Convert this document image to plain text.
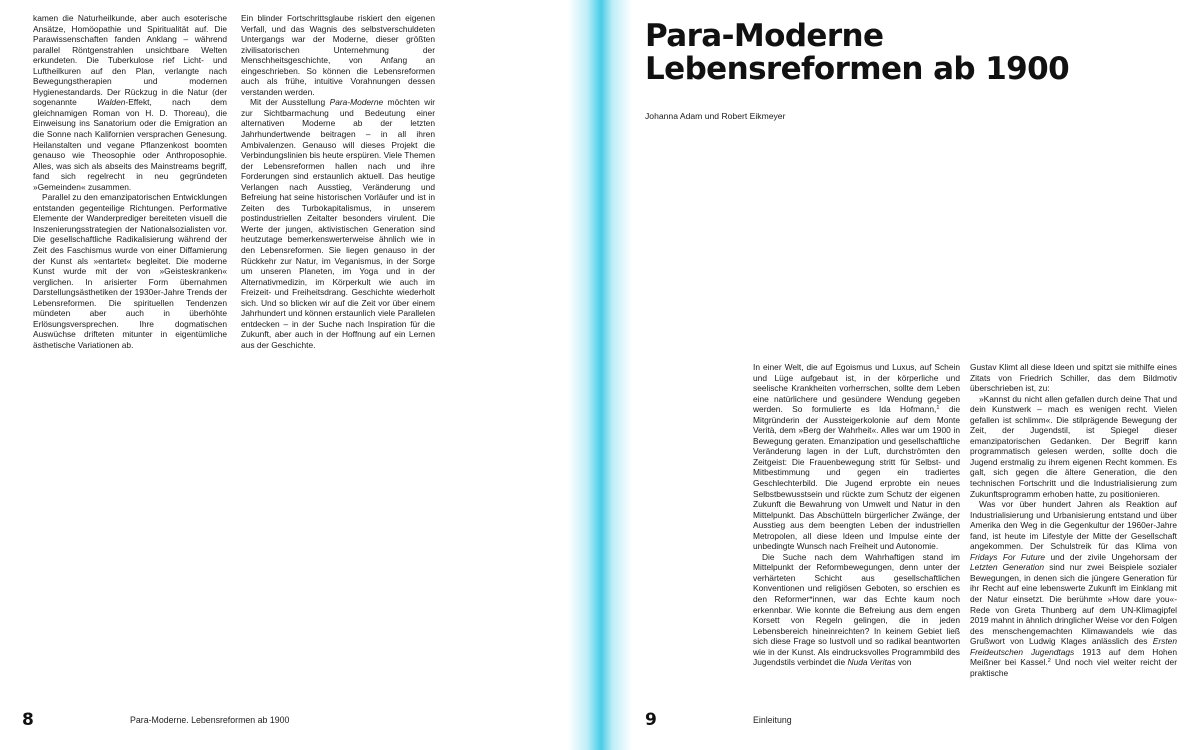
kamen die Naturheilkunde, aber auch esoterische Ansätze, Homöopathie und Spiritualität auf. Die Parawissenschaften fanden Anklang – während parallel Röntgenstrahlen unsichtbare Welten erkundeten. Die Tuberkulose rief Licht- und Luftheilkuren auf den Plan, verlangte nach Bewegungstherapien und modernen Hygienestandards. Der Rückzug in die Natur (der sogenannte Walden-Effekt, nach dem gleichnamigen Roman von H. D. Thoreau), die Einweisung ins Sanatorium oder die Emigration an die Sonne nach Kalifornien versprachen Genesung. Heilanstalten und vegane Pflanzenkost boomten genauso wie Theosophie oder Anthroposophie. Alles, was sich als abseits des Mainstreams begriff, fand sich regelrecht in neu gegründeten »Gemeinden« zusammen.

Parallel zu den emanzipatorischen Entwicklungen entstanden gegenteilige Richtungen. Performative Elemente der Wanderprediger bereiteten visuell die Inszenierungsstrategien der Nationalsozialisten vor. Die gesellschaftliche Radikalisierung während der Zeit des Faschismus wurde von einer Diffamierung der Kunst als »entartet« begleitet. Die moderne Kunst wurde mit der von »Geisteskranken« verglichen. In arisierter Form übernahmen Darstellungsästhetiken der 1930er-Jahre Trends der Lebensreformen. Die spirituellen Tendenzen mündeten aber auch in überhöhte Erlösungsversprechen. Ihre dogmatischen Auswüchse drifteten mitunter in eigentümliche ästhetische Variationen ab.

Ein blinder Fortschrittsglaube riskiert den eigenen Verfall, und das Wagnis des selbstverschuldeten Untergangs war der Moderne, dieser größten zivilisatorischen Unternehmung der Menschheitsgeschichte, von Anfang an eingeschrieben. So können die Lebensreformen auch als frühe, intuitive Vorahnungen dessen verstanden werden.

Mit der Ausstellung Para-Moderne möchten wir zur Sichtbarmachung und Bedeutung einer alternativen Moderne ab der letzten Jahrhundertwende beitragen – in all ihren Ambivalenzen. Genauso will dieses Projekt die Verbindungslinien bis heute erspüren. Viele Themen der Lebensreformen hallen nach und ihre Forderungen sind erstaunlich aktuell. Das heutige Verlangen nach Ausstieg, Veränderung und Befreiung hat seine historischen Vorläufer und ist in Zeiten des Turbokapitalismus, in unserem postindustriellen Zeitalter besonders virulent. Die Werte der jungen, aktivistischen Generation sind heutzutage bemerkenswerterweise ähnlich wie in den Lebensreformen. Sie liegen genauso in der Rückkehr zur Natur, im Veganismus, in der Sorge um unseren Planeten, im Yoga und in der Alternativmedizin, im Körperkult wie auch im Freizeit- und Freiheitsdrang. Geschichte wiederholt sich. Und so blicken wir auf die Zeit vor über einem Jahrhundert und können erstaunlich viele Parallelen entdecken – in der Suche nach Inspiration für die Zukunft, aber auch in der Hoffnung auf ein Lernen aus der Geschichte.

8	Para-Moderne. Lebensreformen ab 1900
Para-Moderne
Lebensreformen ab 1900
Johanna Adam und Robert Eikmeyer

In einer Welt, die auf Egoismus und Luxus, auf Schein und Lüge aufgebaut ist, in der körperliche und seelische Krankheiten vorherrschen, sollte dem Leben eine natürlichere und gesündere Wendung gegeben werden. So formulierte es Ida Hofmann,$^1$ die Mitgründerin der Aussteigerkolonie auf dem Monte Verità, dem »Berg der Wahrheit«. Alles war um 1900 in Bewegung geraten. Emanzipation und gesellschaftliche Veränderung lagen in der Luft, durchströmten den Zeitgeist: Die Frauenbewegung stritt für Selbst- und Mitbestimmung und gegen ein tradiertes Geschlechterbild. Die Jugend erprobte ein neues Selbstbewusstsein und rückte zum Schutz der eigenen Zukunft die Bewahrung von Umwelt und Natur in den Mittelpunkt. Das Abschütteln bürgerlicher Zwänge, der Ausstieg aus dem beengten Leben der industriellen Metropolen, all diese Ideen und Impulse einte der unbedingte Wunsch nach Freiheit und Autonomie.

Die Suche nach dem Wahrhaftigen stand im Mittelpunkt der Reformbewegungen, denn unter der verhärteten Schicht aus gesellschaftlichen Konventionen und religiösen Geboten, so erschien es den Reformer*innen, war das Echte kaum noch erkennbar. Wie konnte die Befreiung aus dem engen Korsett von Regeln gelingen, die in jeden Lebensbereich hineinreichten? In keinem Gebiet ließ sich diese Frage so lustvoll und so radikal beantworten wie in der Kunst. Als eindrucksvolles Programmbild des Jugendstils verbindet die Nuda Veritas von

Gustav Klimt all diese Ideen und spitzt sie mithilfe eines Zitats von Friedrich Schiller, das dem Bildmotiv überschrieben ist, zu:

»Kannst du nicht allen gefallen durch deine That und dein Kunstwerk – mach es wenigen recht. Vielen gefallen ist schlimm«. Die stilprägende Bewegung der Zeit, der Jugendstil, ist Spiegel dieser emanzipatorischen Gedanken. Der Begriff kann programmatisch gelesen werden, sollte doch die Jugend erstmalig zu ihrem eigenen Recht kommen. Es galt, sich gegen die ältere Generation, die den technischen Fortschritt und die Industrialisierung zum Zukunftsprogramm erhoben hatte, zu positionieren.

Was vor über hundert Jahren als Reaktion auf Industrialisierung und Urbanisierung entstand und über Amerika den Weg in die Gegenkultur der 1960er-Jahre fand, ist heute im Lifestyle der Mitte der Gesellschaft angekommen. Der Schulstreik für das Klima von Fridays For Future und der zivile Ungehorsam der Letzten Generation sind nur zwei Beispiele sozialer Bewegungen, in denen sich die jüngere Generation für ihr Recht auf eine lebenswerte Zukunft im Einklang mit der Natur einsetzt. Die berühmte »How dare you«-Rede von Greta Thunberg auf dem UN-Klimagipfel 2019 mahnt in ähnlich dringlicher Weise vor den Folgen des menschengemachten Klimawandels wie das Grußwort von Ludwig Klages anlässlich des Ersten Freideutschen Jugendtags 1913 auf dem Hohen Meißner bei Kassel.$^2$ Und noch viel weiter reicht der praktische

9	Einleitung
